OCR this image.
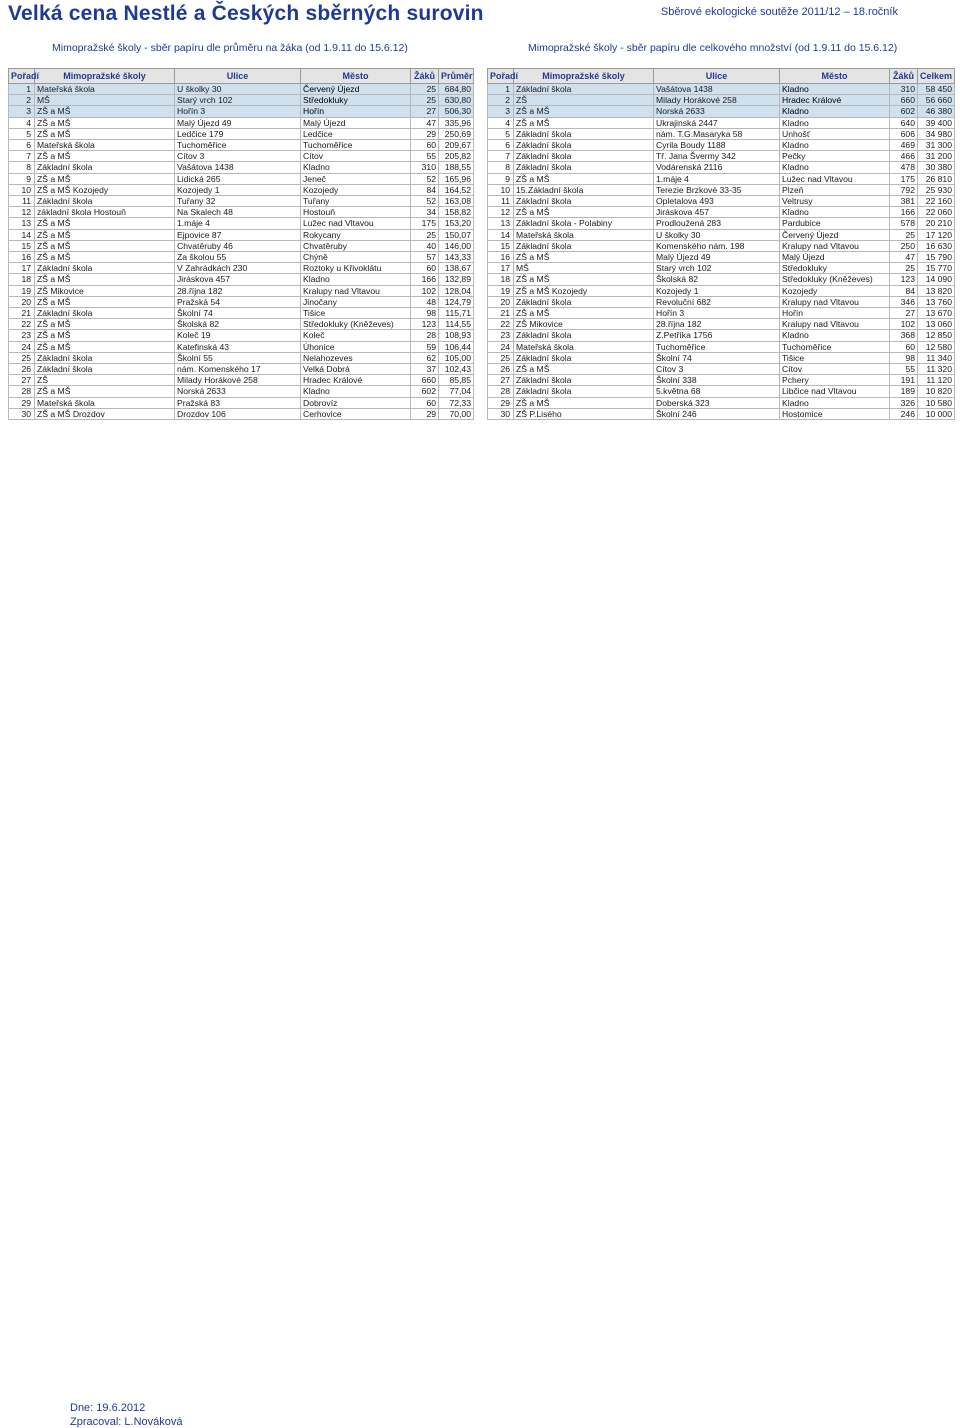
Velká cena Nestlé a Českých sběrných surovin	Sběrové ekologické soutěže 2011/12 – 18.ročník
Mimopražské školy - sběr papíru dle průměru na žáka (od 1.9.11 do 15.6.12)	Mimopražské školy - sběr papíru dle celkového množství (od 1.9.11 do 15.6.12)
Pořadí	Mimopražské školy	Ulice	Město	Žáků	Průměr
1	Mateřská škola	U školky 30	Červený Újezd	25	684,80
2	MŠ	Starý vrch 102	Středokluky	25	630,80
3	ZŠ a MŠ	Hořín 3	Hořín	27	506,30
4	ZŠ a MŠ	Malý Újezd 49	Malý Újezd	47	335,96
5	ZŠ a MŠ	Ledčice 179	Ledčice	29	250,69
6	Mateřská škola	Tuchoměřice	Tuchoměřice	60	209,67
7	ZŠ a MŠ	Cítov 3	Cítov	55	205,82
8	Základní škola	Vašátova 1438	Kladno	310	188,55
9	ZŠ a MŠ	Lidická 265	Jeneč	52	165,96
10	ZŠ a MŠ Kozojedy	Kozojedy 1	Kozojedy	84	164,52
11	Základní škola	Tuřany 32	Tuřany	52	163,08
12	základní škola Hostouň	Na Skalech 48	Hostouň	34	158,82
13	ZŠ a MŠ	1.máje 4	Lužec nad Vltavou	175	153,20
14	ZŠ a MŠ	Ejpovice 87	Rokycany	25	150,07
15	ZŠ a MŠ	Chvatěruby 46	Chvatěruby	40	146,00
16	ZŠ a MŠ	Za školou 55	Chýně	57	143,33
17	Základní škola	V Zahrádkách 230	Roztoky u Křivoklátu	60	138,67
18	ZŠ a MŠ	Jiráskova 457	Kladno	166	132,89
19	ZŠ Mikovice	28.října 182	Kralupy nad Vltavou	102	128,04
20	ZŠ a MŠ	Pražská 54	Jinočany	48	124,79
21	Základní škola	Školní 74	Tišice	98	115,71
22	ZŠ a MŠ	Školská 82	Středokluky (Kněževes)	123	114,55
23	ZŠ a MŠ	Koleč 19	Koleč	28	108,93
24	ZŠ a MŠ	Katefinská 43	Úhonice	59	106,44
25	Základní škola	Školní 55	Nelahozeves	62	105,00
26	Základní škola	nám. Komenského 17	Velká Dobrá	37	102,43
27	ZŠ	Milady Horákové 258	Hradec Králové	660	85,85
28	ZŠ a MŠ	Norská 2633	Kladno	602	77,04
29	Mateřská škola	Pražská 83	Dobrovíz	60	72,33
30	ZŠ a MŠ Drozdov	Drozdov 106	Cerhovice	29	70,00
Pořadí	Mimopražské školy	Ulice	Město	Žáků	Celkem
1	Základní škola	Vašátova 1438	Kladno	310	58 450
2	ZŠ	Milady Horákové 258	Hradec Králové	660	56 660
3	ZŠ a MŠ	Norská 2633	Kladno	602	46 380
4	ZŠ a MŠ	Ukrajinská 2447	Kladno	640	39 400
5	Základní škola	nám. T.G.Masaryka 58	Unhošť	606	34 980
6	Základní škola	Cyrila Boudy 1188	Kladno	469	31 300
7	Základní škola	Tř. Jana Švermy 342	Pečky	466	31 200
8	Základní škola	Vodárenská 2116	Kladno	478	30 380
9	ZŠ a MŠ	1.máje 4	Lužec nad Vltavou	175	26 810
10	15.Základní škola	Terezie Brzkové 33-35	Plzeň	792	25 930
11	Základní škola	Opletalova 493	Veltrusy	381	22 160
12	ZŠ a MŠ	Jiráskova 457	Kladno	166	22 060
13	Základní škola - Polabiny	Prodloužená 283	Pardubice	578	20 210
14	Mateřská škola	U školky 30	Červený Újezd	25	17 120
15	Základní škola	Komenského nám. 198	Kralupy nad Vltavou	250	16 630
16	ZŠ a MŠ	Malý Újezd 49	Malý Újezd	47	15 790
17	MŠ	Starý vrch 102	Středokluky	25	15 770
18	ZŠ a MŠ	Školská 82	Středokluky (Kněževes)	123	14 090
19	ZŠ a MŠ Kozojedy	Kozojedy 1	Kozojedy	84	13 820
20	Základní škola	Revoluční 682	Kralupy nad Vltavou	346	13 760
21	ZŠ a MŠ	Hořín 3	Hořín	27	13 670
22	ZŠ Mikovice	28.října 182	Kralupy nad Vltavou	102	13 060
23	Základní škola	Z.Petříka 1756	Kladno	368	12 850
24	Mateřská škola	Tuchoměřice	Tuchoměřice	60	12 580
25	Základní škola	Školní 74	Tišice	98	11 340
26	ZŠ a MŠ	Cítov 3	Cítov	55	11 320
27	Základní škola	Školní 338	Pchery	191	11 120
28	Základní škola	5.května 68	Libčice nad Vltavou	189	10 820
29	ZŠ a MŠ	Doberská 323	Kladno	326	10 580
30	ZŠ P.Lisého	Školní 246	Hostomice	246	10 000
Dne: 19.6.2012
Zpracoval: L.Nováková
